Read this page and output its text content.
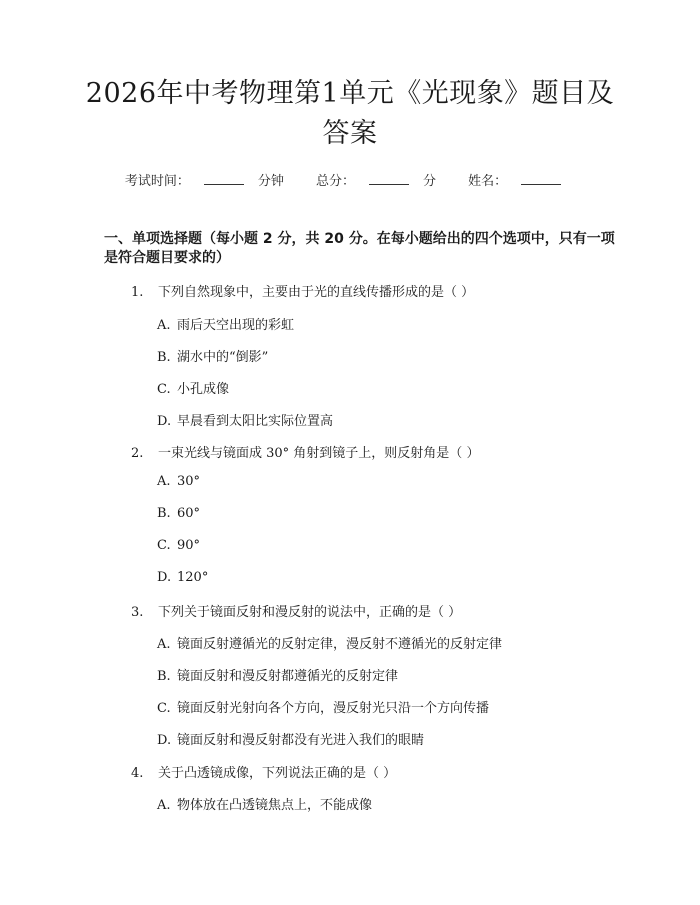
2026年中考物理第1单元《光现象》题目及
答案
考试时间：	分钟 总分：	分 姓名：
一、单项选择题（每小题 2 分，共 20 分。在每小题给出的四个选项中，只有一项
是符合题目要求的）
1. 下列自然现象中，主要由于光的直线传播形成的是（ ）
A. 雨后天空出现的彩虹
B. 湖水中的“倒影”
C. 小孔成像
D. 早晨看到太阳比实际位置高
2. 一束光线与镜面成 30° 角射到镜子上，则反射角是（ ）
A. 30°
B. 60°
C. 90°
D. 120°
3. 下列关于镜面反射和漫反射的说法中，正确的是（ ）
A. 镜面反射遵循光的反射定律，漫反射不遵循光的反射定律
B. 镜面反射和漫反射都遵循光的反射定律
C. 镜面反射光射向各个方向，漫反射光只沿一个方向传播
D. 镜面反射和漫反射都没有光进入我们的眼睛
4. 关于凸透镜成像，下列说法正确的是（ ）
A. 物体放在凸透镜焦点上，不能成像
